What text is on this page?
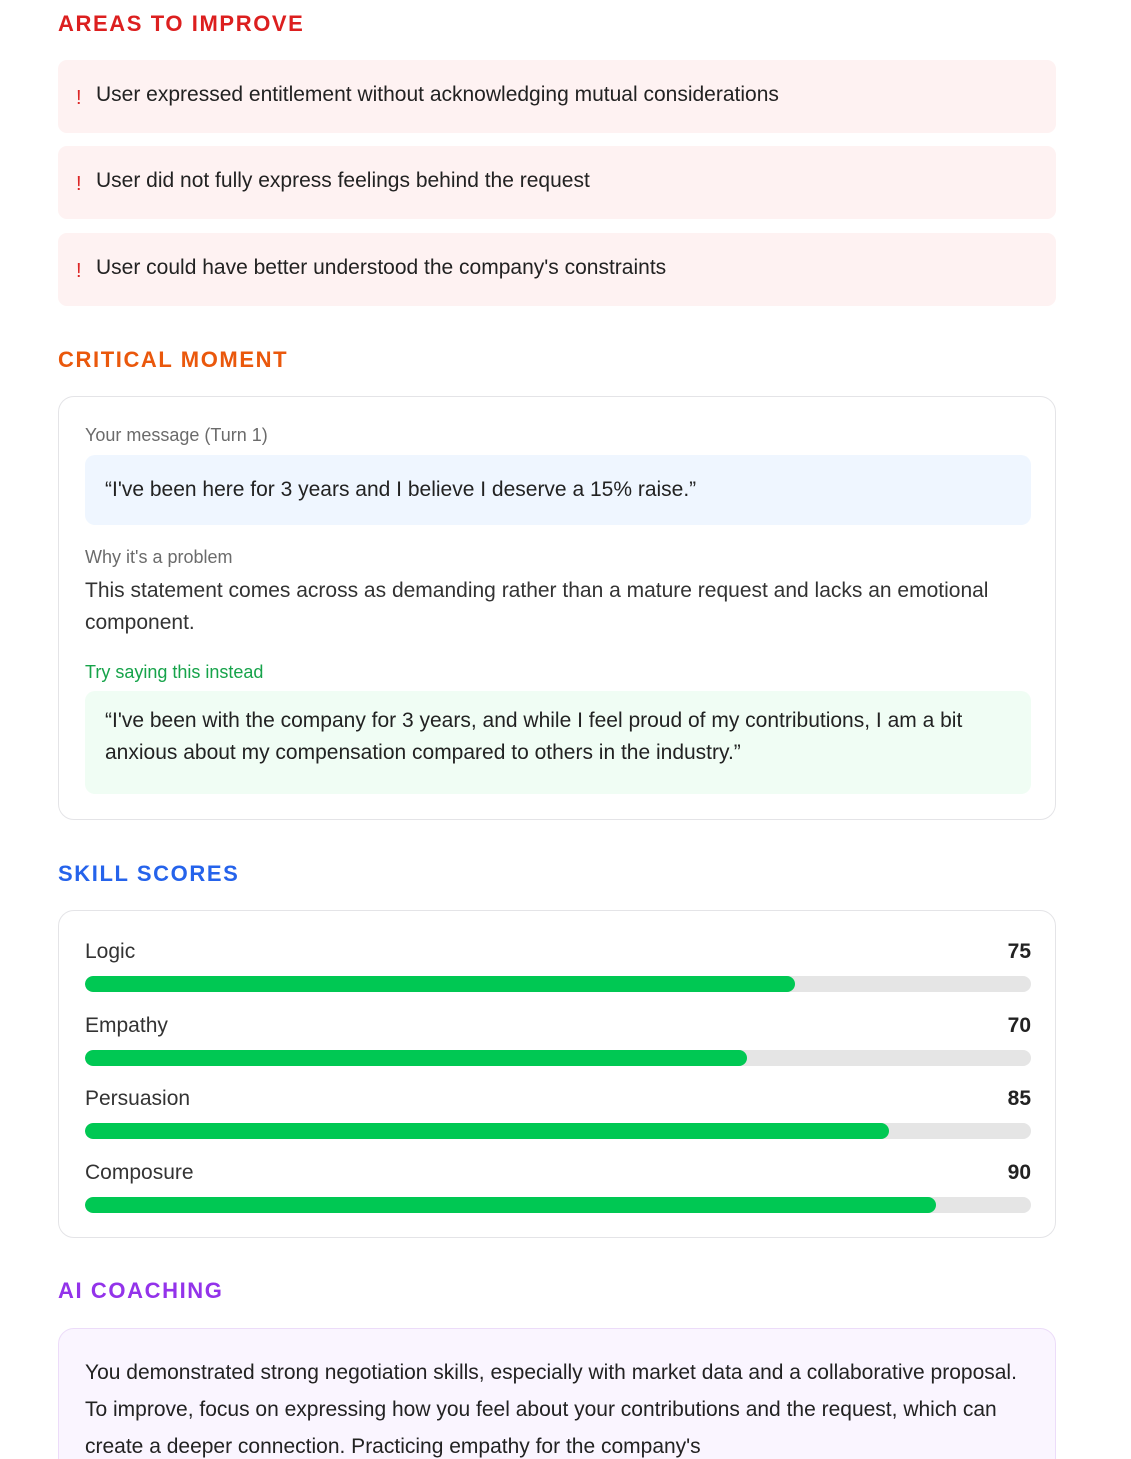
AREAS TO IMPROVE
! User expressed entitlement without acknowledging mutual considerations
! User did not fully express feelings behind the request
! User could have better understood the company's constraints
CRITICAL MOMENT
Your message (Turn 1)
“I've been here for 3 years and I believe I deserve a 15% raise.”
Why it's a problem
This statement comes across as demanding rather than a mature request and lacks an emotional component.
Try saying this instead
“I've been with the company for 3 years, and while I feel proud of my contributions, I am a bit anxious about my compensation compared to others in the industry.”
SKILL SCORES
Logic	75
Empathy	70
Persuasion	85
Composure	90
AI COACHING
You demonstrated strong negotiation skills, especially with market data and a collaborative proposal. To improve, focus on expressing how you feel about your contributions and the request, which can create a deeper connection. Practicing empathy for the company's
